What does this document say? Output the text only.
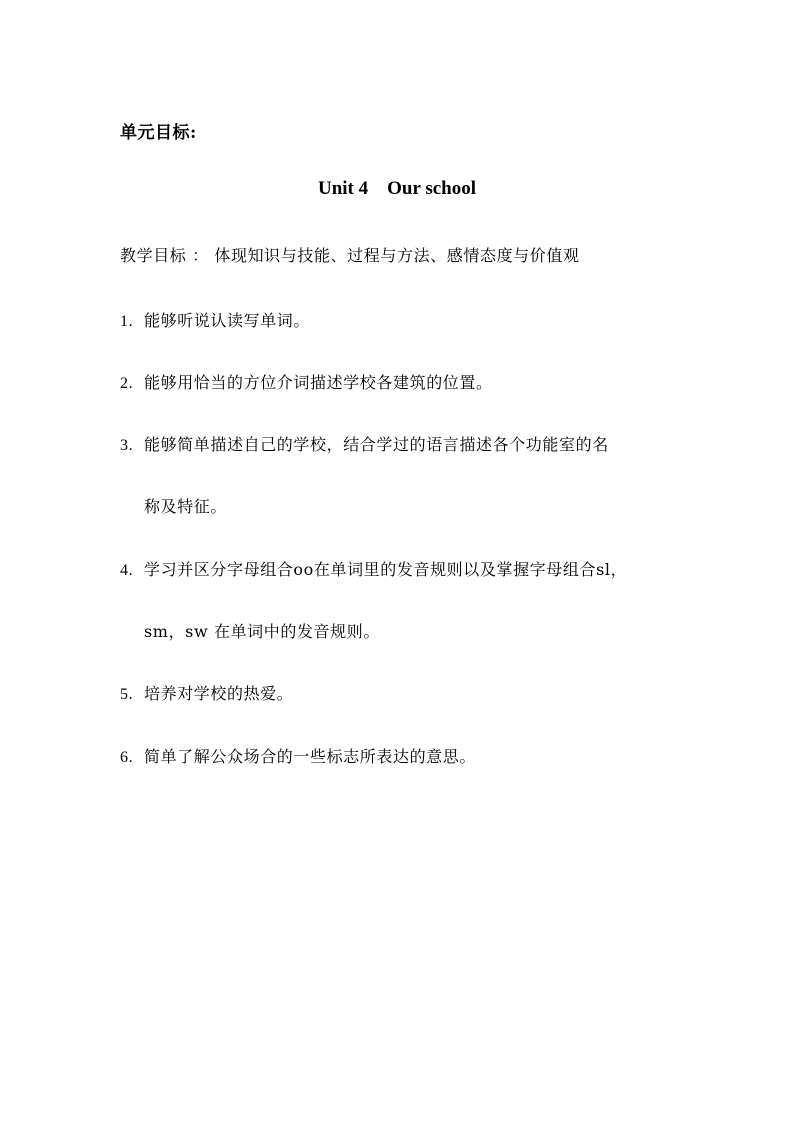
单元目标:
Unit 4    Our school
教学目标 ： 体现知识与技能、过程与方法、感情态度与价值观
1. 能够听说认读写单词。
2. 能够用恰当的方位介词描述学校各建筑的位置。
3. 能够简单描述自己的学校，结合学过的语言描述各个功能室的名
称及特征。
4. 学习并区分字母组合oo在单词里的发音规则以及掌握字母组合sl，
sm，sw 在单词中的发音规则。
5. 培养对学校的热爱。
6. 简单了解公众场合的一些标志所表达的意思。
